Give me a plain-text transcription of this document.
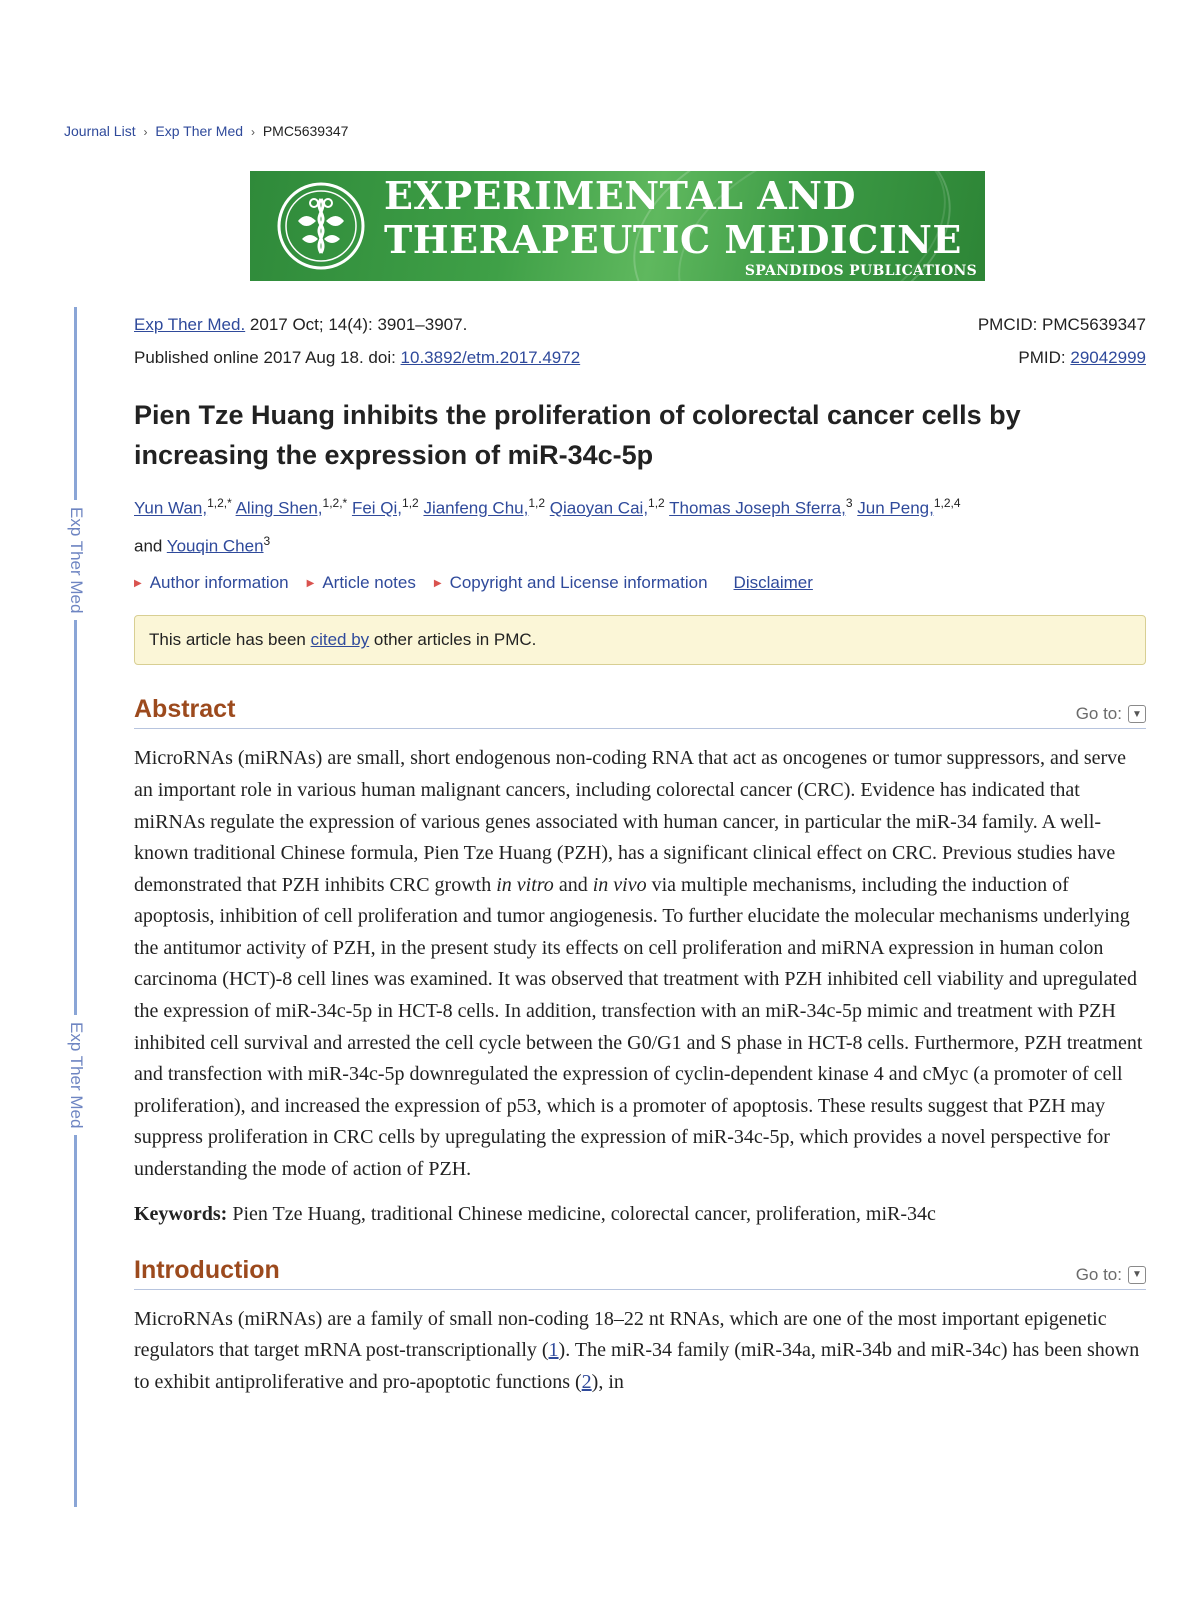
Journal List › Exp Ther Med › PMC5639347
EXPERIMENTAL AND
THERAPEUTIC MEDICINE
SPANDIDOS PUBLICATIONS
Exp Ther Med
Exp Ther Med
Exp Ther Med. 2017 Oct; 14(4): 3901–3907.
Published online 2017 Aug 18. doi: 10.3892/etm.2017.4972
PMCID: PMC5639347
PMID: 29042999
Pien Tze Huang inhibits the proliferation of colorectal cancer cells by increasing the expression of miR-34c-5p
Yun Wan,$^{1,2,*}$ Aling Shen,$^{1,2,*}$ Fei Qi,$^{1,2}$ Jianfeng Chu,$^{1,2}$ Qiaoyan Cai,$^{1,2}$ Thomas Joseph Sferra,$^3$ Jun Peng,$^{1,2,4}$
and Youqin Chen$^3$
▶ Author information ▶ Article notes ▶ Copyright and License information Disclaimer
This article has been cited by other articles in PMC.
Abstract	Go to:	▼
MicroRNAs (miRNAs) are small, short endogenous non-coding RNA that act as oncogenes or tumor suppressors, and serve an important role in various human malignant cancers, including colorectal cancer (CRC). Evidence has indicated that miRNAs regulate the expression of various genes associated with human cancer, in particular the miR-34 family. A well-known traditional Chinese formula, Pien Tze Huang (PZH), has a significant clinical effect on CRC. Previous studies have demonstrated that PZH inhibits CRC growth in vitro and in vivo via multiple mechanisms, including the induction of apoptosis, inhibition of cell proliferation and tumor angiogenesis. To further elucidate the molecular mechanisms underlying the antitumor activity of PZH, in the present study its effects on cell proliferation and miRNA expression in human colon carcinoma (HCT)-8 cell lines was examined. It was observed that treatment with PZH inhibited cell viability and upregulated the expression of miR-34c-5p in HCT-8 cells. In addition, transfection with an miR-34c-5p mimic and treatment with PZH inhibited cell survival and arrested the cell cycle between the G0/G1 and S phase in HCT-8 cells. Furthermore, PZH treatment and transfection with miR-34c-5p downregulated the expression of cyclin-dependent kinase 4 and cMyc (a promoter of cell proliferation), and increased the expression of p53, which is a promoter of apoptosis. These results suggest that PZH may suppress proliferation in CRC cells by upregulating the expression of miR-34c-5p, which provides a novel perspective for understanding the mode of action of PZH.
Keywords: Pien Tze Huang, traditional Chinese medicine, colorectal cancer, proliferation, miR-34c
Introduction	Go to:	▼
MicroRNAs (miRNAs) are a family of small non-coding 18–22 nt RNAs, which are one of the most important epigenetic regulators that target mRNA post-transcriptionally (1). The miR-34 family (miR-34a, miR-34b and miR-34c) has been shown to exhibit antiproliferative and pro-apoptotic functions (2), in
